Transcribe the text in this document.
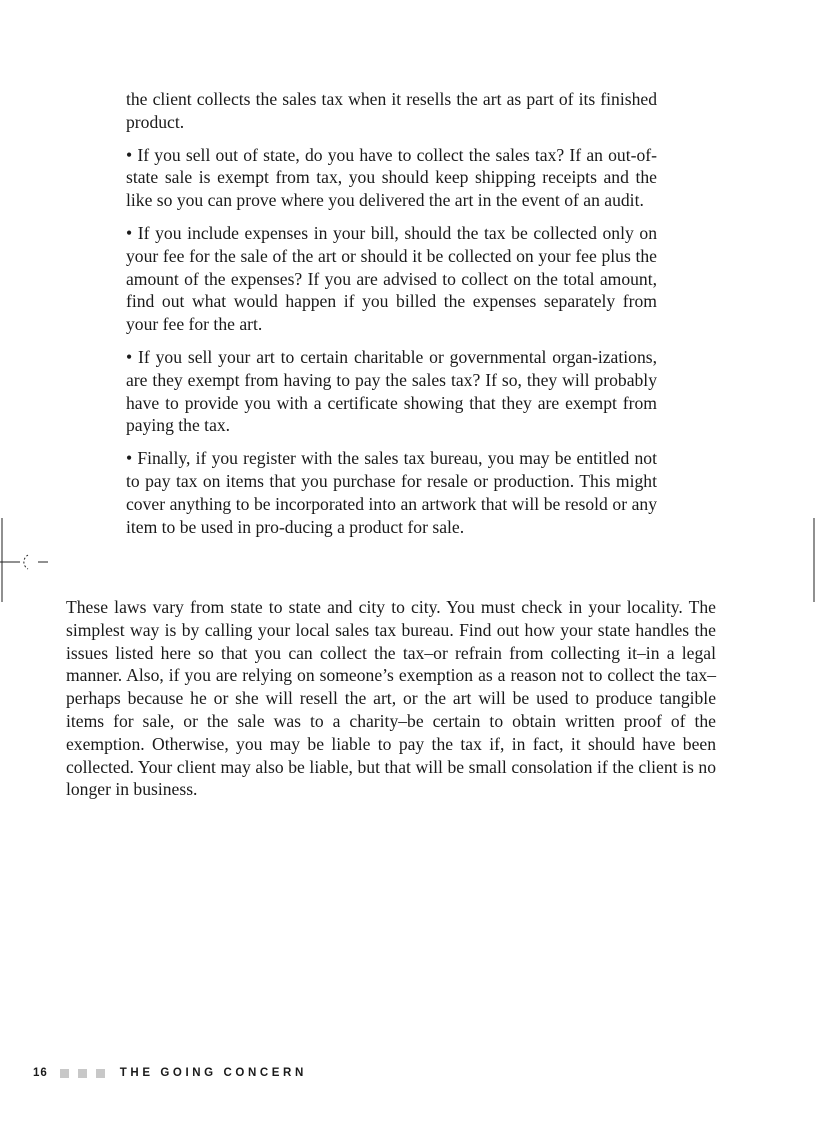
the client collects the sales tax when it resells the art as part of its finished product.

• If you sell out of state, do you have to collect the sales tax? If an out-of-state sale is exempt from tax, you should keep shipping receipts and the like so you can prove where you delivered the art in the event of an audit.

• If you include expenses in your bill, should the tax be collected only on your fee for the sale of the art or should it be collected on your fee plus the amount of the expenses? If you are advised to collect on the total amount, find out what would happen if you billed the expenses separately from your fee for the art.

• If you sell your art to certain charitable or governmental organ-izations, are they exempt from having to pay the sales tax? If so, they will probably have to provide you with a certificate showing that they are exempt from paying the tax.

• Finally, if you register with the sales tax bureau, you may be entitled not to pay tax on items that you purchase for resale or production. This might cover anything to be incorporated into an artwork that will be resold or any item to be used in pro-ducing a product for sale.

These laws vary from state to state and city to city. You must check in your locality. The simplest way is by calling your local sales tax bureau. Find out how your state handles the issues listed here so that you can collect the tax–or refrain from collecting it–in a legal manner. Also, if you are relying on someone’s exemption as a reason not to collect the tax–perhaps because he or she will resell the art, or the art will be used to produce tangible items for sale, or the sale was to a charity–be certain to obtain written proof of the exemption. Otherwise, you may be liable to pay the tax if, in fact, it should have been collected. Your client may also be liable, but that will be small consolation if the client is no longer in business.

16	THE GOING CONCERN
